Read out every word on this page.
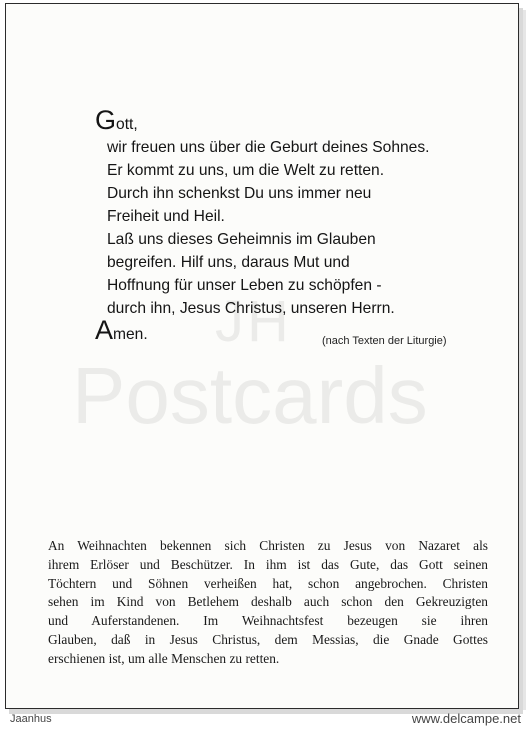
Gott,
wir freuen uns über die Geburt deines Sohnes.
Er kommt zu uns, um die Welt zu retten.
Durch ihn schenkst Du uns immer neu
Freiheit und Heil.
Laß uns dieses Geheimnis im Glauben
begreifen. Hilf uns, daraus Mut und
Hoffnung für unser Leben zu schöpfen -
durch ihn, Jesus Christus, unseren Herrn.
Amen.	(nach Texten der Liturgie)
An Weihnachten bekennen sich Christen zu Jesus von Nazaret als
ihrem Erlöser und Beschützer. In ihm ist das Gute, das Gott seinen
Töchtern und Söhnen verheißen hat, schon angebrochen. Christen
sehen im Kind von Betlehem deshalb auch schon den Gekreuzigten
und Auferstandenen. Im Weihnachtsfest bezeugen sie ihren
Glauben, daß in Jesus Christus, dem Messias, die Gnade Gottes
erschienen ist, um alle Menschen zu retten.
Jaanhus	www.delcampe.net
